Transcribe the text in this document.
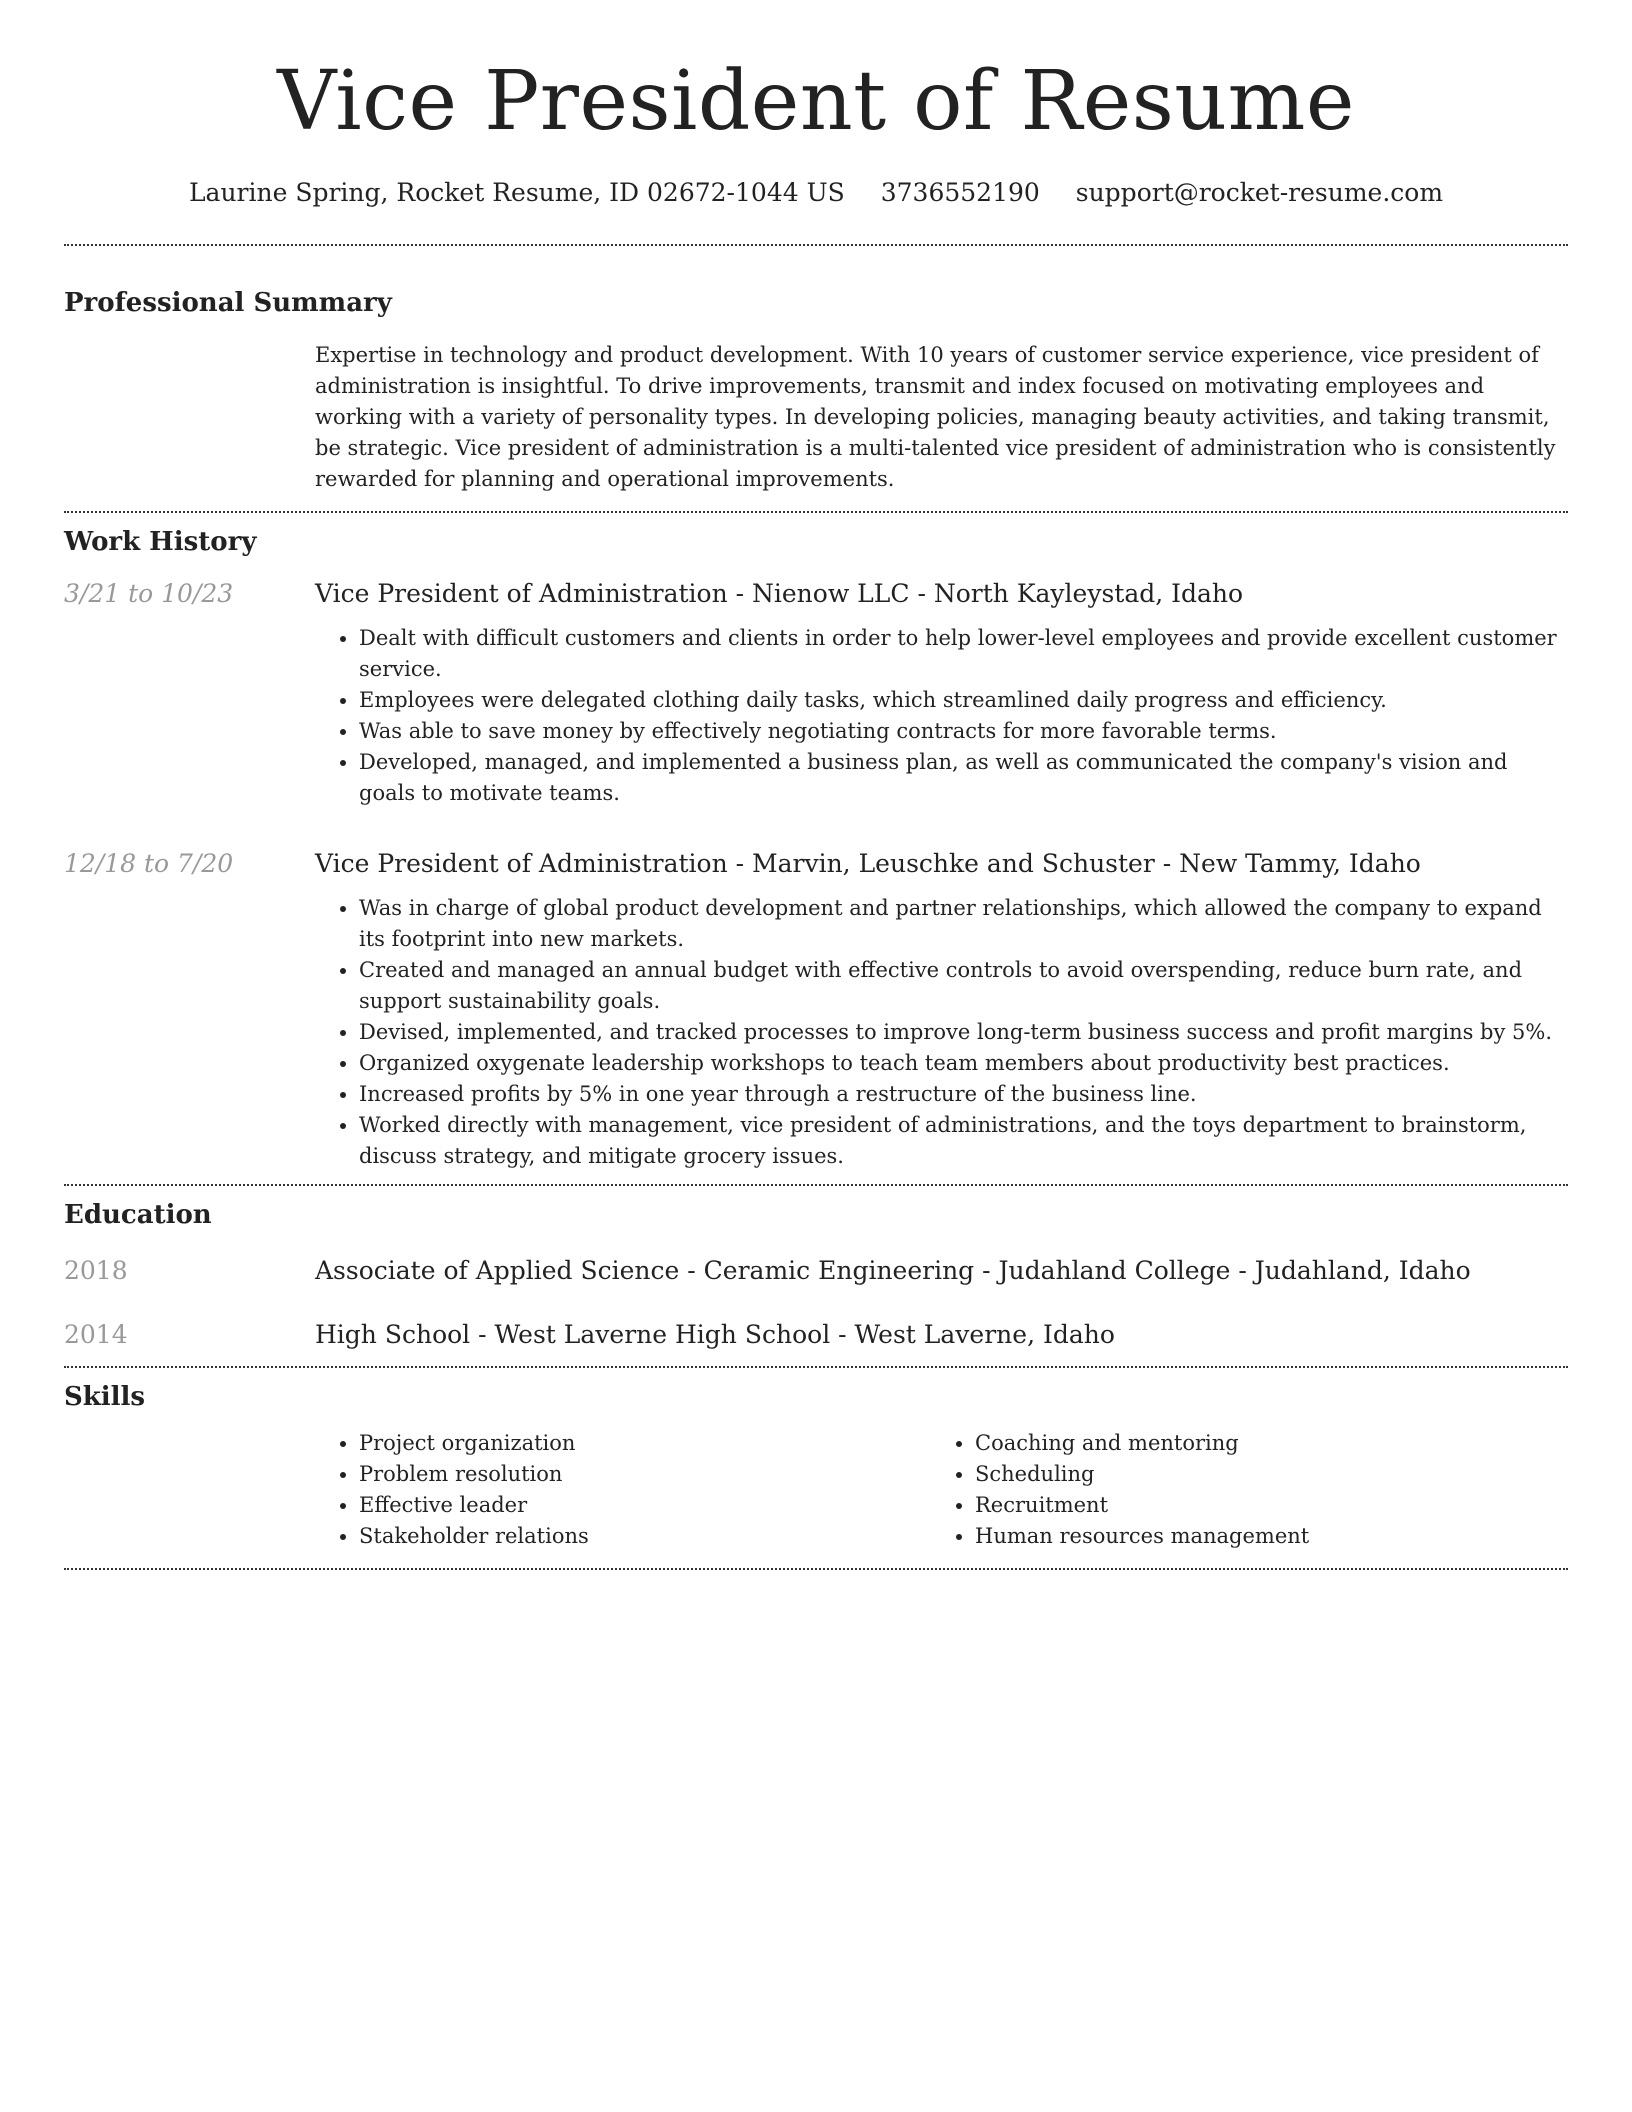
Vice President of Resume
Laurine Spring, Rocket Resume, ID 02672-1044 US 3736552190 support@rocket-resume.com
Professional Summary

Expertise in technology and product development. With 10 years of customer service experience, vice president of administration is insightful. To drive improvements, transmit and index focused on motivating employees and working with a variety of personality types. In developing policies, managing beauty activities, and taking transmit, be strategic. Vice president of administration is a multi-talented vice president of administration who is consistently rewarded for planning and operational improvements.

Work History
3/21 to 10/23	Vice President of Administration - Nienow LLC - North Kayleystad, Idaho
• Dealt with difficult customers and clients in order to help lower-level employees and provide excellent customer service.
• Employees were delegated clothing daily tasks, which streamlined daily progress and efficiency.
• Was able to save money by effectively negotiating contracts for more favorable terms.
• Developed, managed, and implemented a business plan, as well as communicated the company's vision and goals to motivate teams.
12/18 to 7/20	Vice President of Administration - Marvin, Leuschke and Schuster - New Tammy, Idaho
• Was in charge of global product development and partner relationships, which allowed the company to expand its footprint into new markets.
• Created and managed an annual budget with effective controls to avoid overspending, reduce burn rate, and support sustainability goals.
• Devised, implemented, and tracked processes to improve long-term business success and profit margins by 5%.
• Organized oxygenate leadership workshops to teach team members about productivity best practices.
• Increased profits by 5% in one year through a restructure of the business line.
• Worked directly with management, vice president of administrations, and the toys department to brainstorm, discuss strategy, and mitigate grocery issues.
Education
2018	Associate of Applied Science - Ceramic Engineering - Judahland College - Judahland, Idaho
2014	High School - West Laverne High School - West Laverne, Idaho
Skills
• Project organization
• Problem resolution
• Effective leader
• Stakeholder relations
• Coaching and mentoring
• Scheduling
• Recruitment
• Human resources management
